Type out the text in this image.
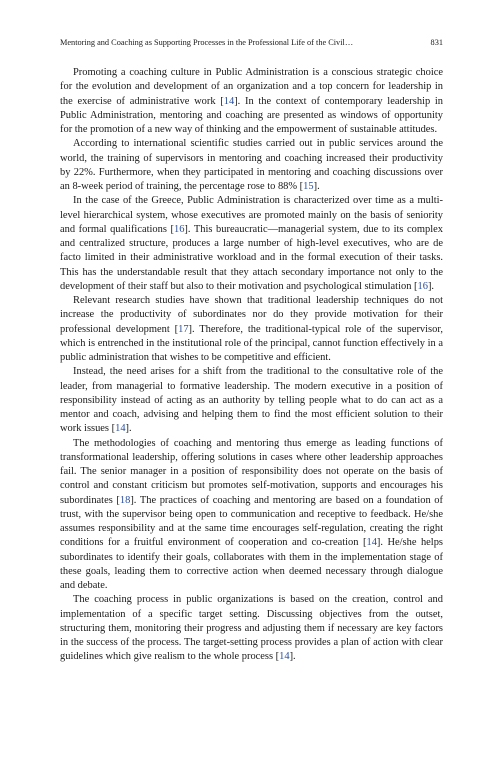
Mentoring and Coaching as Supporting Processes in the Professional Life of the Civil…	831

Promoting a coaching culture in Public Administration is a conscious strategic choice for the evolution and development of an organization and a top concern for leadership in the exercise of administrative work [14]. In the context of contemporary leadership in Public Administration, mentoring and coaching are presented as windows of opportunity for the promotion of a new way of thinking and the empowerment of sustainable attitudes.

According to international scientific studies carried out in public services around the world, the training of supervisors in mentoring and coaching increased their productivity by 22%. Furthermore, when they participated in mentoring and coaching discussions over an 8-week period of training, the percentage rose to 88% [15].

In the case of the Greece, Public Administration is characterized over time as a multi-level hierarchical system, whose executives are promoted mainly on the basis of seniority and formal qualifications [16]. This bureaucratic—managerial system, due to its complex and centralized structure, produces a large number of high-level executives, who are de facto limited in their administrative workload and in the formal execution of their tasks. This has the understandable result that they attach secondary importance not only to the development of their staff but also to their motivation and psychological stimulation [16].

Relevant research studies have shown that traditional leadership techniques do not increase the productivity of subordinates nor do they provide motivation for their professional development [17]. Therefore, the traditional-typical role of the supervisor, which is entrenched in the institutional role of the principal, cannot function effectively in a public administration that wishes to be competitive and efficient.

Instead, the need arises for a shift from the traditional to the consultative role of the leader, from managerial to formative leadership. The modern executive in a position of responsibility instead of acting as an authority by telling people what to do can act as a mentor and coach, advising and helping them to find the most efficient solution to their work issues [14].

The methodologies of coaching and mentoring thus emerge as leading functions of transformational leadership, offering solutions in cases where other leadership approaches fail. The senior manager in a position of responsibility does not operate on the basis of control and constant criticism but promotes self-motivation, supports and encourages his subordinates [18]. The practices of coaching and mentoring are based on a foundation of trust, with the supervisor being open to communication and receptive to feedback. He/she assumes responsibility and at the same time encourages self-regulation, creating the right conditions for a fruitful environment of cooperation and co-creation [14]. He/she helps subordinates to identify their goals, collaborates with them in the implementation stage of these goals, leading them to corrective action when deemed necessary through dialogue and debate.

The coaching process in public organizations is based on the creation, control and implementation of a specific target setting. Discussing objectives from the outset, structuring them, monitoring their progress and adjusting them if necessary are key factors in the success of the process. The target-setting process provides a plan of action with clear guidelines which give realism to the whole process [14].
